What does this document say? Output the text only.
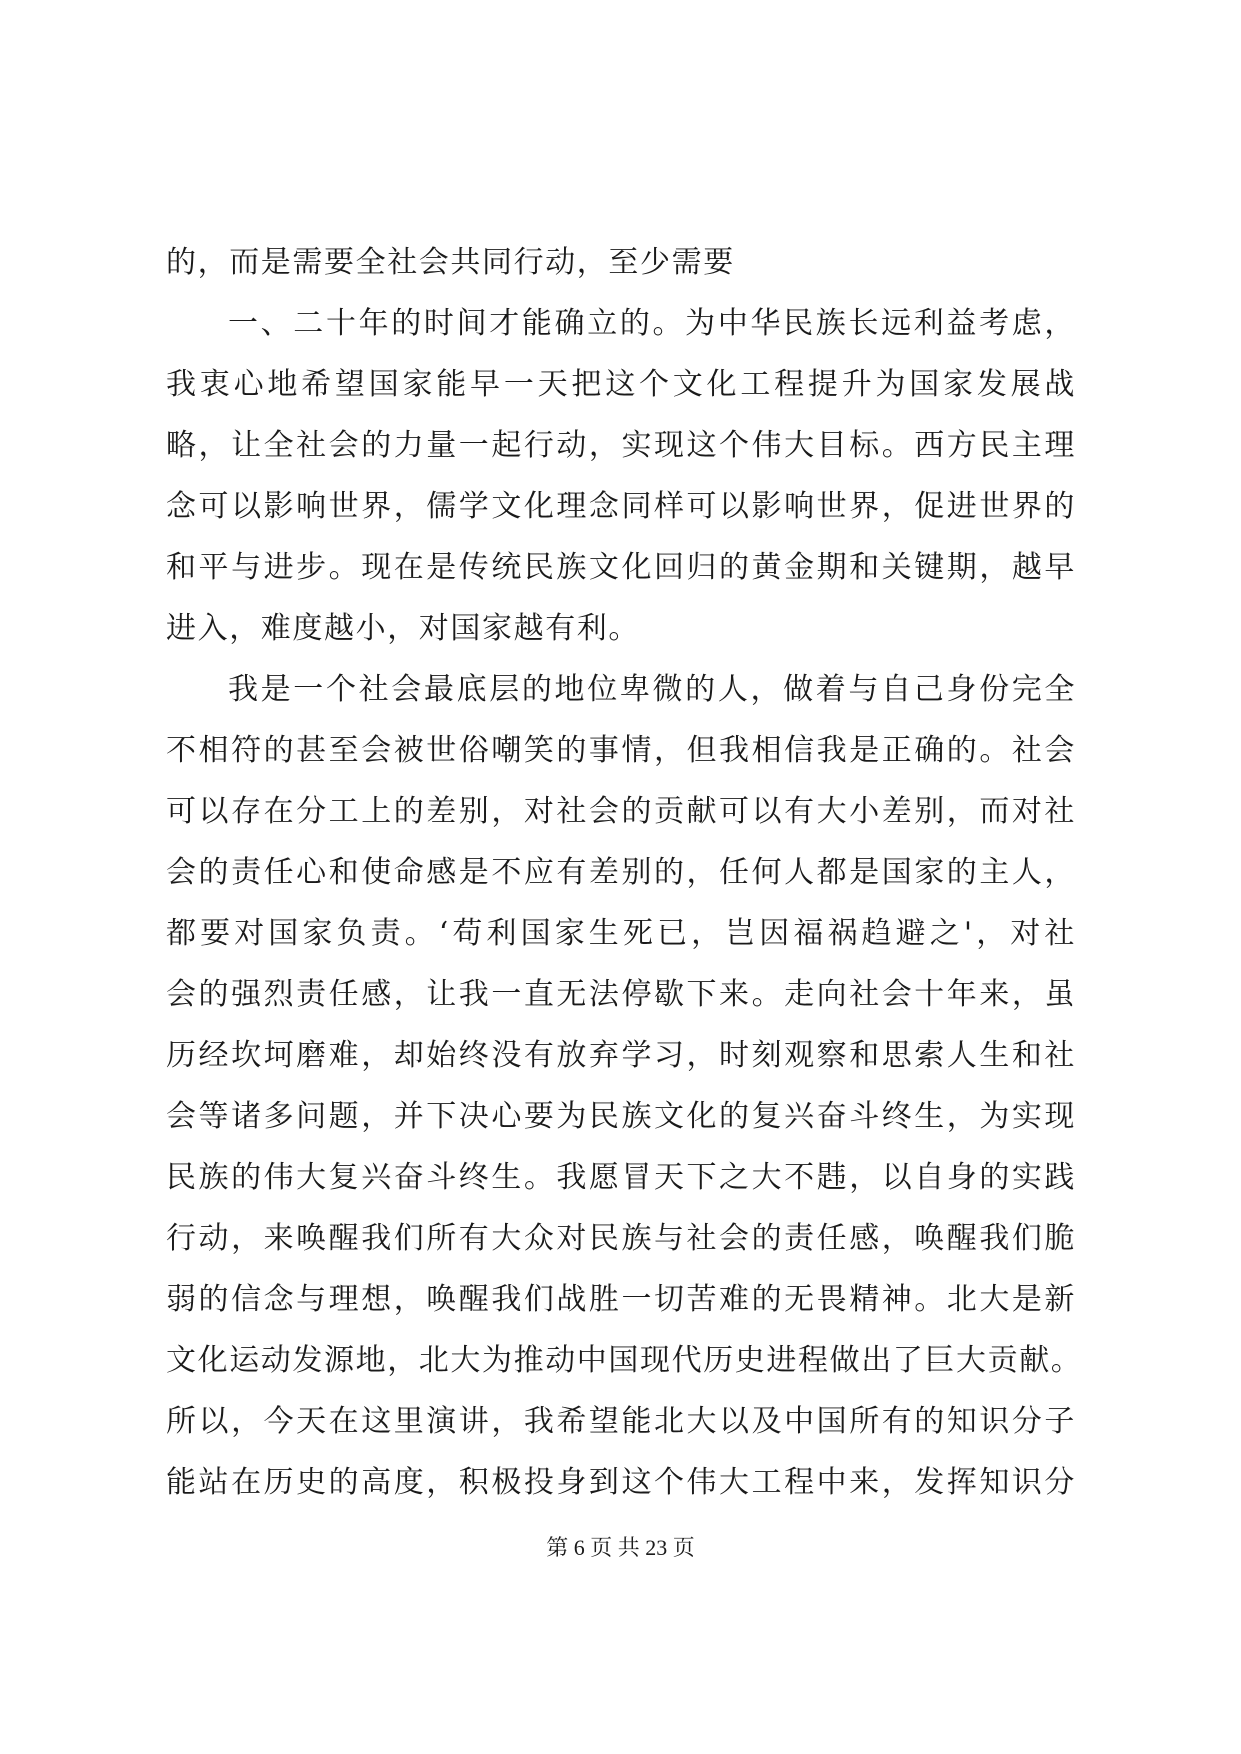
的，而是需要全社会共同行动，至少需要
一、二十年的时间才能确立的。为中华民族长远利益考虑，
我衷心地希望国家能早一天把这个文化工程提升为国家发展战
略，让全社会的力量一起行动，实现这个伟大目标。西方民主理
念可以影响世界，儒学文化理念同样可以影响世界，促进世界的
和平与进步。现在是传统民族文化回归的黄金期和关键期，越早
进入，难度越小，对国家越有利。
我是一个社会最底层的地位卑微的人，做着与自己身份完全
不相符的甚至会被世俗嘲笑的事情，但我相信我是正确的。社会
可以存在分工上的差别，对社会的贡献可以有大小差别，而对社
会的责任心和使命感是不应有差别的，任何人都是国家的主人，
都要对国家负责。‘苟利国家生死已，岂因福祸趋避之'，对社
会的强烈责任感，让我一直无法停歇下来。走向社会十年来，虽
历经坎坷磨难，却始终没有放弃学习，时刻观察和思索人生和社
会等诸多问题，并下决心要为民族文化的复兴奋斗终生，为实现
民族的伟大复兴奋斗终生。我愿冒天下之大不韪，以自身的实践
行动，来唤醒我们所有大众对民族与社会的责任感，唤醒我们脆
弱的信念与理想，唤醒我们战胜一切苦难的无畏精神。北大是新
文化运动发源地，北大为推动中国现代历史进程做出了巨大贡献。
所以，今天在这里演讲，我希望能北大以及中国所有的知识分子
能站在历史的高度，积极投身到这个伟大工程中来，发挥知识分
第 6 页 共 23 页
